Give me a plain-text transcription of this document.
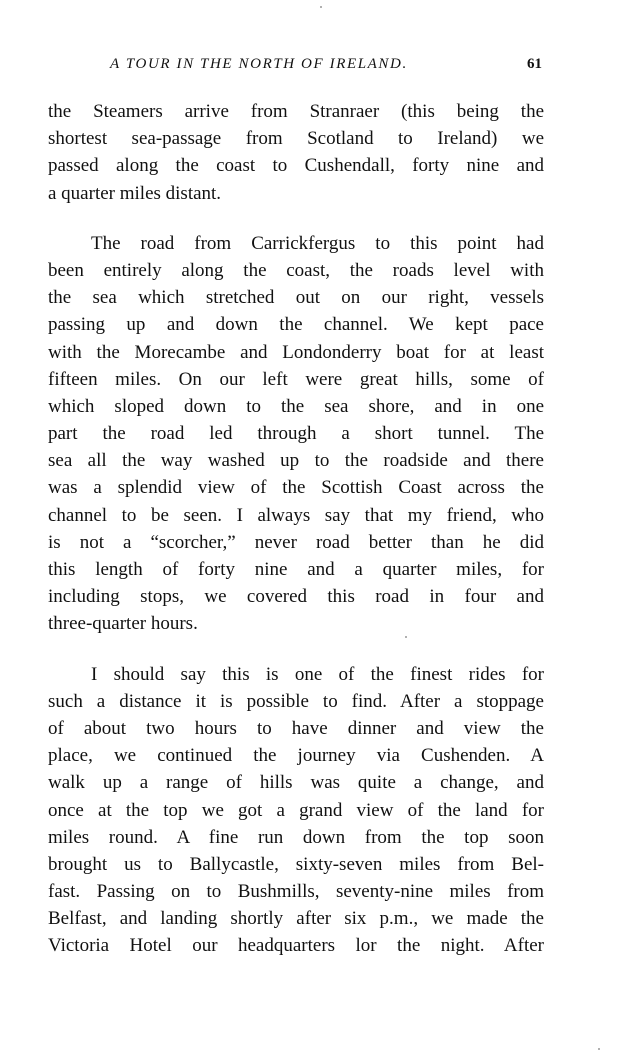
A TOUR IN THE NORTH OF IRELAND.	61
the Steamers arrive from Stranraer (this being the
shortest sea-passage from Scotland to Ireland) we
passed along the coast to Cushendall, forty nine and
a quarter miles distant.
The road from Carrickfergus to this point had
been entirely along the coast, the roads level with
the sea which stretched out on our right, vessels
passing up and down the channel. We kept pace
with the Morecambe and Londonderry boat for at least
fifteen miles. On our left were great hills, some of
which sloped down to the sea shore, and in one
part the road led through a short tunnel. The
sea all the way washed up to the roadside and there
was a splendid view of the Scottish Coast across the
channel to be seen. I always say that my friend, who
is not a “scorcher,” never road better than he did
this length of forty nine and a quarter miles, for
including stops, we covered this road in four and
three-quarter hours.
I should say this is one of the finest rides for
such a distance it is possible to find. After a stoppage
of about two hours to have dinner and view the
place, we continued the journey via Cushenden. A
walk up a range of hills was quite a change, and
once at the top we got a grand view of the land for
miles round. A fine run down from the top soon
brought us to Ballycastle, sixty-seven miles from Bel-
fast. Passing on to Bushmills, seventy-nine miles from
Belfast, and landing shortly after six p.m., we made the
Victoria Hotel our headquarters lor the night. After
